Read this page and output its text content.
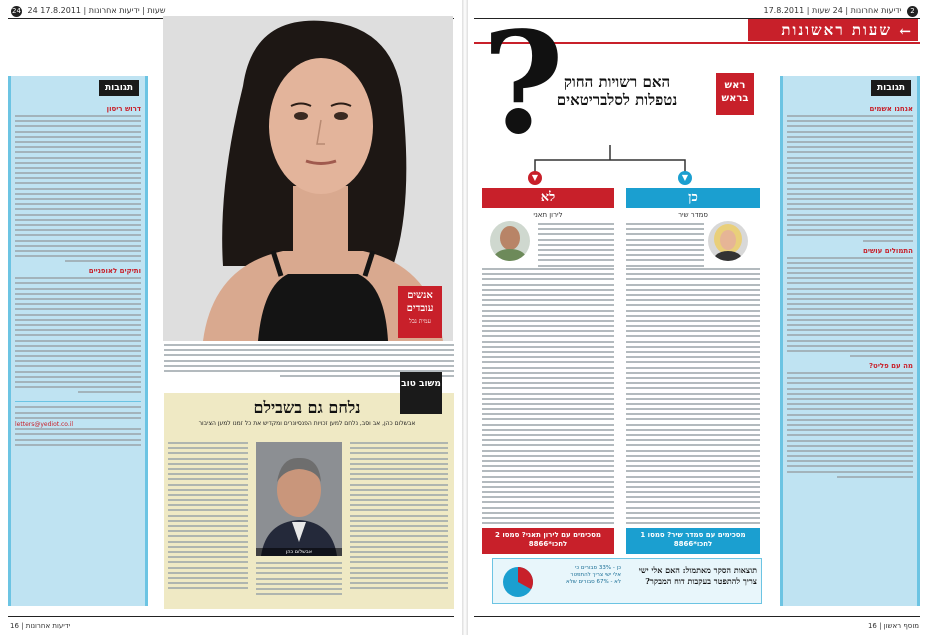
24 24 שעות | ידיעות אחרונות | 17.8.2011	17.8.2011 | ידיעות אחרונות | 24 שעות 2
שעות ראשונות ←
תגובות
דרוש ריסון
ותיקים לאופניים
letters@yediot.co.il
אנשים עובדים
עמית גבל
משוב טוב
נלחם גם בשבילם
אבשלום כהן, אב וסב, נלחם למען זכויות הפנסיונרים ומקדיש את כל זמנו למען הציבור
אבשלום כהן
? האם רשויות החוק נטפלות לסלבריטאים
ראש בראש
▼	▼
לא	כן
לירון תאני	סמדר שיר
מסכימים עם לירון תאני? סמסו 2 לחכו*8866
מסכימים עם סמדר שיר? סמסו 1 לחכו*8866
כן - 33% סבורים כי
אלי ישי צריך להתפטר
לא - 67% סבורים שלא
תוצאות הסקר מאתמול: האם אלי ישי צריך להתפטר בעקבות דוח המבקר?
תגובות
אנחנו אשמים
התמולים עושים
מה עם פליט?
16 | ידיעות אחרונות	מוסף ראשון | 16
